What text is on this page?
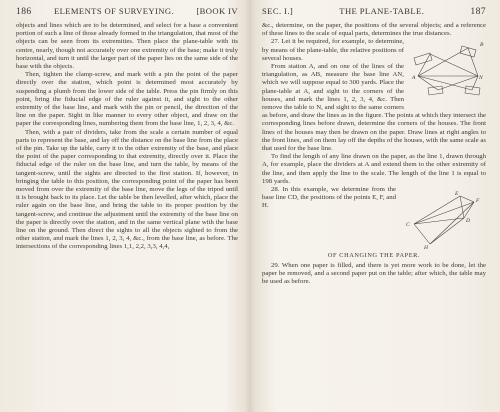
186	ELEMENTS OF SURVEYING.	[BOOK IV

objects and lines which are to be determined, and select for a base a convenient portion of such a line of those already formed in the triangulation, that most of the objects can be seen from its extremities. Then place the plane-table with its centre, nearly, though not accurately over one extremity of the base; make it truly horizontal, and turn it until the larger part of the paper lies on the same side of the base with the objects.

Then, tighten the clamp-screw, and mark with a pin the point of the paper directly over the station, which point is determined most accurately by suspending a plumb from the lower side of the table. Press the pin firmly on this point, bring the fiducial edge of the ruler against it, and sight to the other extremity of the base line, and mark with the pin or pencil, the direction of the line on the paper. Sight in like manner to every other object, and draw on the paper the corresponding lines, numbering them from the base line, 1, 2, 3, 4, &c.

Then, with a pair of dividers, take from the scale a certain number of equal parts to represent the base, and lay off the distance on the base line from the place of the pin. Take up the table, carry it to the other extremity of the base, and place the point of the paper corresponding to that extremity, directly over it. Place the fiducial edge of the ruler on the base line, and turn the table, by means of the tangent-screw, until the sights are directed to the first station. If, however, in bringing the table to this position, the corresponding point of the paper has been moved from over the extremity of the base line, move the legs of the tripod until it is brought back to its place. Let the table be then levelled, after which, place the ruler again on the base line, and bring the table to its proper position by the tangent-screw, and continue the adjustment until the extremity of the base line on the paper is directly over the station, and in the same vertical plane with the base line on the ground. Then direct the sights to all the objects sighted to from the other station, and mark the lines 1, 2, 3, 4, &c., from the base line, as before. The intersections of the corresponding lines 1,1, 2,2, 3,3, 4,4,

SEC. I.]	THE PLANE-TABLE.	187

&c., determine, on the paper, the positions of the several objects; and a reference of these lines to the scale of equal parts, determines the true distances.

A	N
B

27. Let it be required, for example, to determine, by means of the plane-table, the relative positions of several houses.

From station A, and on one of the lines of the triangulation, as AB, measure the base line AN, which we will suppose equal to 300 yards. Place the plane-table at A, and sight to the corners of the houses, and mark the lines 1, 2, 3, 4, &c. Then remove the table to N, and sight to the same corners as before, and draw the lines as in the figure. The points at which they intersect the corresponding lines before drawn, determine the corners of the houses. The front lines of the houses may then be drawn on the paper. Draw lines at right angles to the front lines, and on them lay off the depths of the houses, with the same scale as that used for the base line.

To find the length of any line drawn on the paper, as the line 1, drawn through A, for example, place the dividers at A and extend them to the other extremity of the line, and then apply the line to the scale. The length of the line 1 is equal to 198 yards.

C
D
E
F
H

28. In this example, we determine from the base line CD, the positions of the points E, F, and H.

OF CHANGING THE PAPER.

29. When one paper is filled, and there is yet more work to be done, let the paper be removed, and a second paper put on the table; after which, the table may be used as before.
